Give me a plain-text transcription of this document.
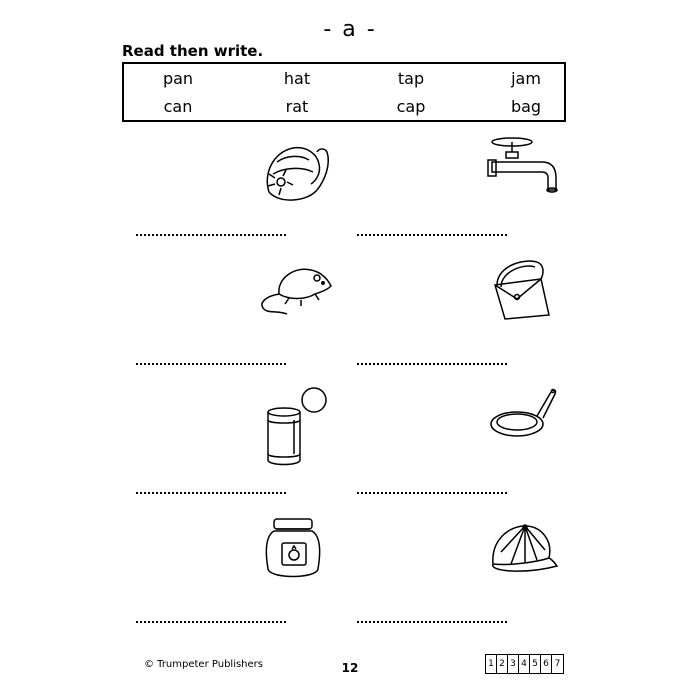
- a -
Read then write.
pan	hat	tap	jam
can	rat	cap	bag
© Trumpeter Publishers	12	1 2 3 4 5 6 7
